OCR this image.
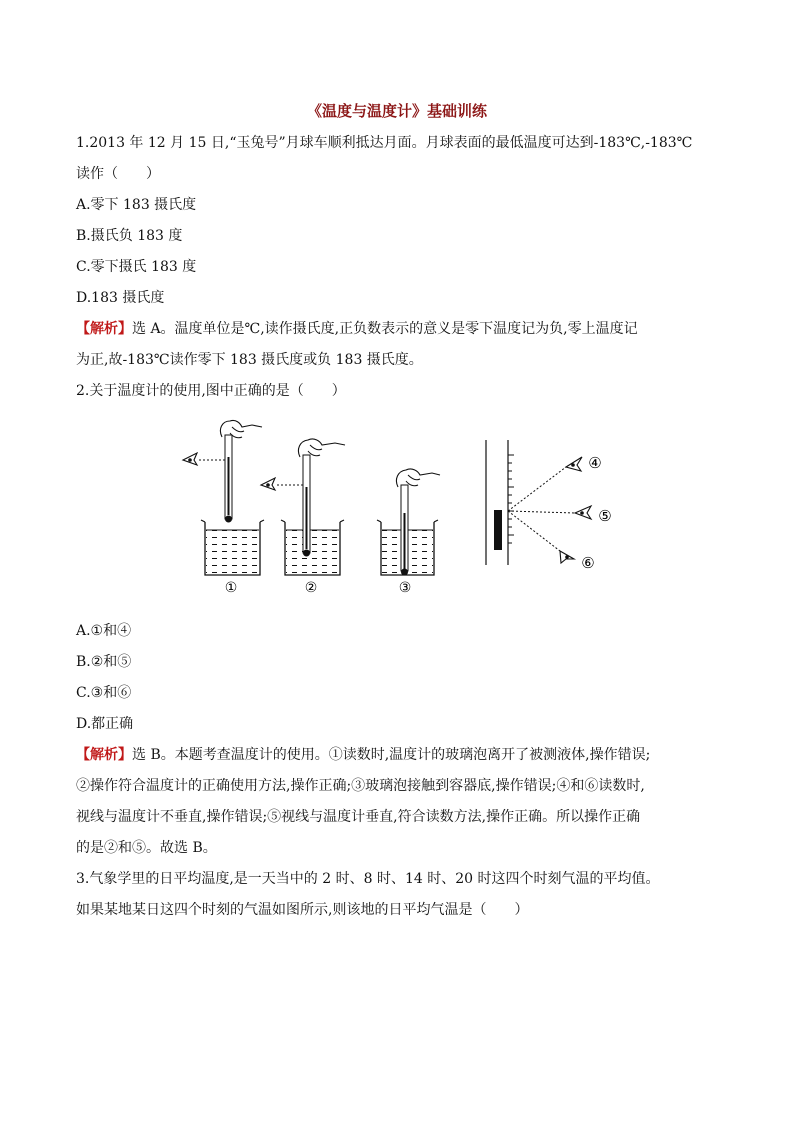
《温度与温度计》基础训练

1.2013 年 12 月 15 日,“玉兔号”月球车顺利抵达月面。月球表面的最低温度可达到-183℃,-183℃

读作（　　）

A.零下 183 摄氏度

B.摄氏负 183 度

C.零下摄氏 183 度

D.183 摄氏度

【解析】选 A。温度单位是℃,读作摄氏度,正负数表示的意义是零下温度记为负,零上温度记

为正,故-183℃读作零下 183 摄氏度或负 183 摄氏度。

2.关于温度计的使用,图中正确的是（　　）

①	②	③
④
⑤
⑥

A.①和④

B.②和⑤

C.③和⑥

D.都正确

【解析】选 B。本题考查温度计的使用。①读数时,温度计的玻璃泡离开了被测液体,操作错误;

②操作符合温度计的正确使用方法,操作正确;③玻璃泡接触到容器底,操作错误;④和⑥读数时,

视线与温度计不垂直,操作错误;⑤视线与温度计垂直,符合读数方法,操作正确。所以操作正确

的是②和⑤。故选 B。

3.气象学里的日平均温度,是一天当中的 2 时、8 时、14 时、20 时这四个时刻气温的平均值。

如果某地某日这四个时刻的气温如图所示,则该地的日平均气温是（　　）
